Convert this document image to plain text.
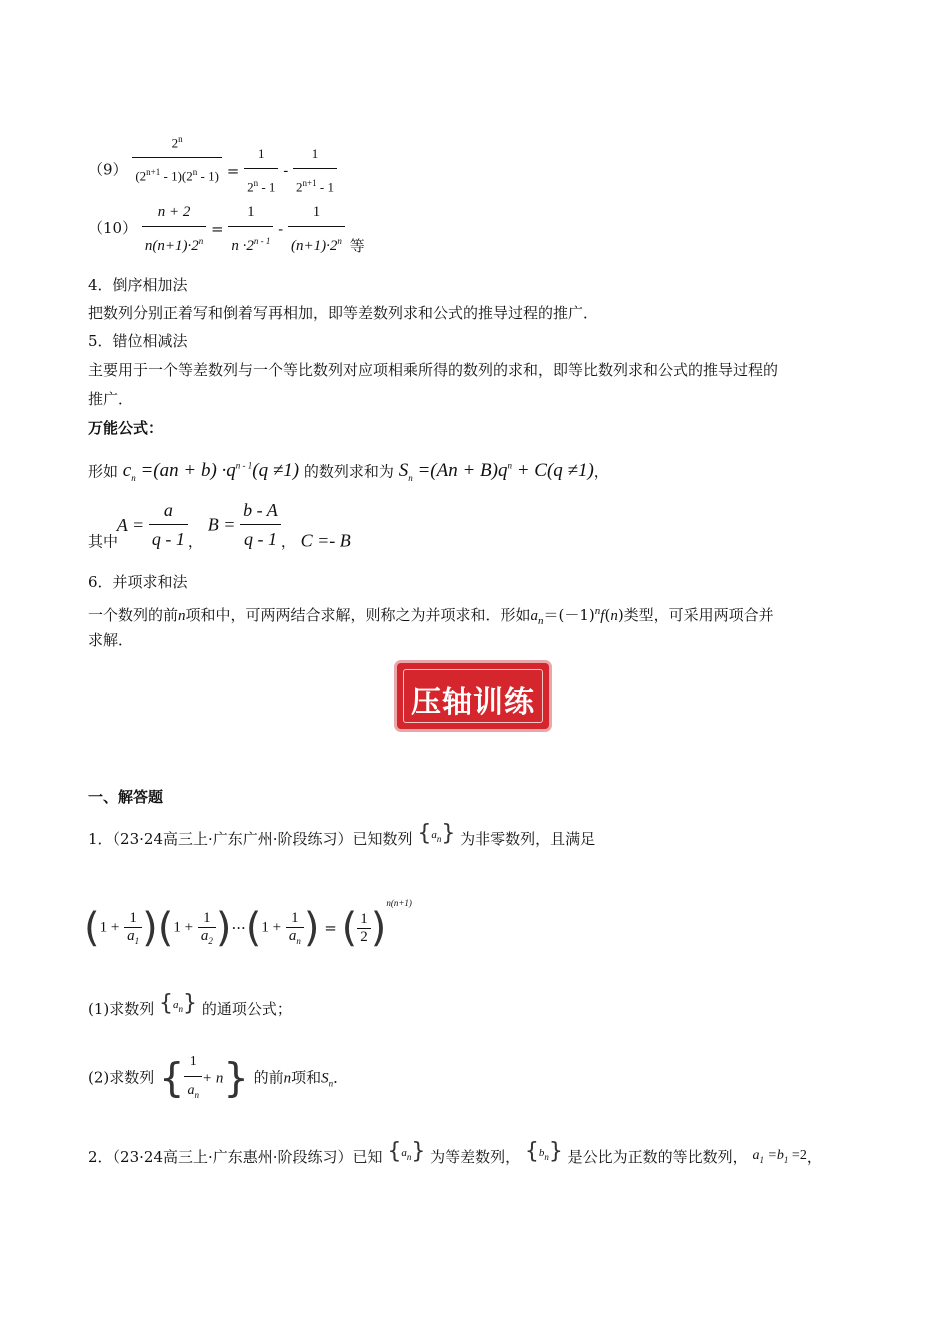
$(9) \frac{2^n}{(2^{n+1} - 1)(2^n - 1)} = \frac{1}{2^n - 1} - \frac{1}{2^{n+1} - 1}$
$(10) \frac{n + 2}{n(n+1)\cdot 2^n} = \frac{1}{n \cdot 2^{n - 1}} - \frac{1}{(n+1)\cdot 2^n}$ 等
4．倒序相加法
把数列分别正着写和倒着写再相加，即等差数列求和公式的推导过程的推广．
5．错位相减法
主要用于一个等差数列与一个等比数列对应项相乘所得的数列的求和，即等比数列求和公式的推导过程的
推广．
万能公式：
形如 $c_n =(an + b) \cdot q^{n - 1}(q \ne 1)$ 的数列求和为 $S_n =(An + B)q^n + C(q \ne 1)$，
其中 $A = \frac{a}{q - 1}$ ， $B = \frac{b - A}{q - 1}$ ， C =- B
6．并项求和法
一个数列的前n项和中，可两两结合求解，则称之为并项求和．形如$a_n=(-1)^nf(n)$类型，可采用两项合并
求解．
压轴训练
一、解答题
1．（23·24高三上·广东广州·阶段练习）已知数列 {$^a_n$} 为非零数列，且满足
$(1 + \frac{1}{a_1} )(1 + \frac{1}{a_2} )\cdot\cdot\cdot(1 + \frac{1}{a_n}$ ) = ( $\frac{1}{2} )^{n(n+1)}$
(1)求数列 {$^a_n$} 的通项公式；
(2)求数列 { $\frac{1}{a_n} + n$} 的前n项和$S_n$．
2．（23·24高三上·广东惠州·阶段练习）已知 {$^a_n$} 为等差数列， {$^b_n$} 是公比为正数的等比数列， $a_1 =b_1 =2$，
